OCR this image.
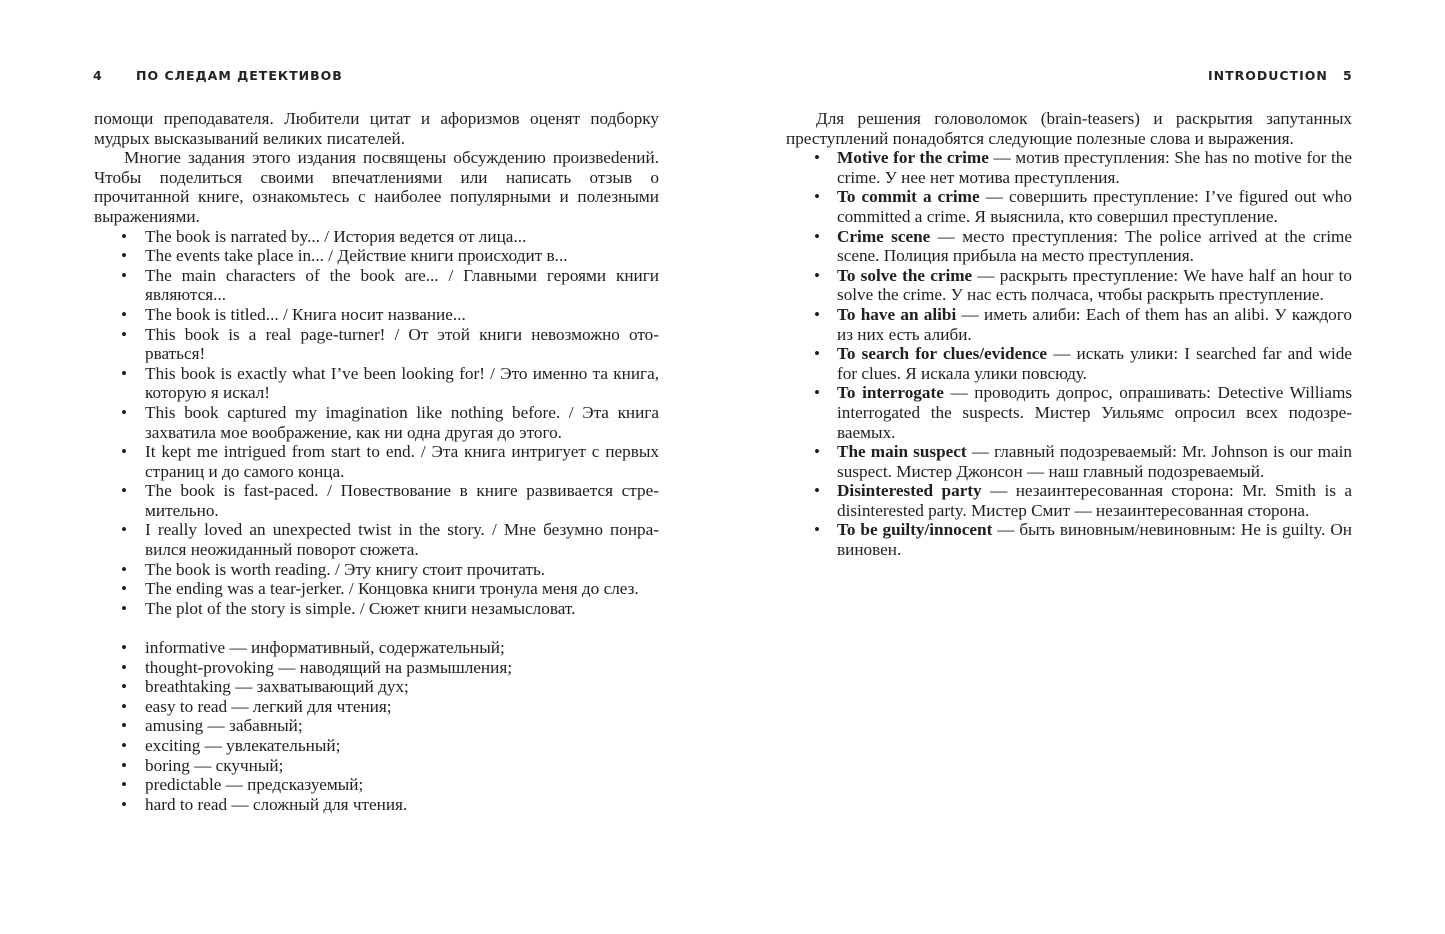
4	ПО СЛЕДАМ ДЕТЕКТИВОВ

помощи преподавателя. Любители цитат и афоризмов оценят подборку мудрых высказываний великих писателей.

Многие задания этого издания посвящены обсуждению произвеdений. Чтобы поделиться своими впечатлениями или написать отзыв о прочитанной книге, ознакомьтесь с наиболее популярными и полезными выражениями.

• The book is narrated by... / История ведется от лица...
• The events take place in... / Действие книги происходит в...
• The main characters of the book are... / Главными героями книги являются...
• The book is titled... / Книга носит название...
• This book is a real page-turner! / От этой книги невозможно оторваться!
• This book is exactly what I’ve been looking for! / Это именно та книга, которую я искал!
• This book captured my imagination like nothing before. / Эта книга захватила мое воображение, как ни одна другая до этого.
• It kept me intrigued from start to end. / Эта книга интригует с первых страниц и до самого конца.
• The book is fast-paced. / Повествование в книге развивается стремительно.
• I really loved an unexpected twist in the story. / Мне безумно понравился неожиданный поворот сюжета.
• The book is worth reading. / Эту книгу стоит прочитать.
• The ending was a tear-jerker. / Концовка книги тронула меня до слез.
• The plot of the story is simple. / Сюжет книги незамысловат.
• informative — информативный, содержательный;
• thought-provoking — наводящий на размышления;
• breathtaking — захватывающий дух;
• easy to read — легкий для чтения;
• amusing — забавный;
• exciting — увлекательный;
• boring — скучный;
• predictable — предсказуемый;
• hard to read — сложный для чтения.
INTRODUCTION 5

Для решения головоломок (brain-teasers) и раскрытия запутанных преступлений понадобятся следующие полезные слова и выражения.

• Motive for the crime — мотив преступления: She has no motive for the crime. У нее нет мотива преступления.
• To commit a crime — совершить преступление: I’ve figured out who committed a crime. Я выяснила, кто совершил преступление.
• Crime scene — место преступления: The police arrived at the crime scene. Полиция прибыла на место преступления.
• To solve the crime — раскрыть преступление: We have half an hour to solve the crime. У нас есть полчаса, чтобы раскрыть преступление.
• To have an alibi — иметь алиби: Each of them has an alibi. У каждого из них есть алиби.
• To search for clues/evidence — искать улики: I searched far and wide for clues. Я искала улики повсюду.
• To interrogate — проводить допрос, опрашивать: Detective Williams interrogated the suspects. Мистер Уильямс опросил всех подозреваемых.
• The main suspect — главный подозреваемый: Mr. Johnson is our main suspect. Мистер Джонсон — наш главный подозреваемый.
• Disinterested party — незаинтересованная сторона: Mr. Smith is a disinterested party. Мистер Смит — незаинтересованная сторона.
• To be guilty/innocent — быть виновным/невиновным: He is guilty. Он виновен.
